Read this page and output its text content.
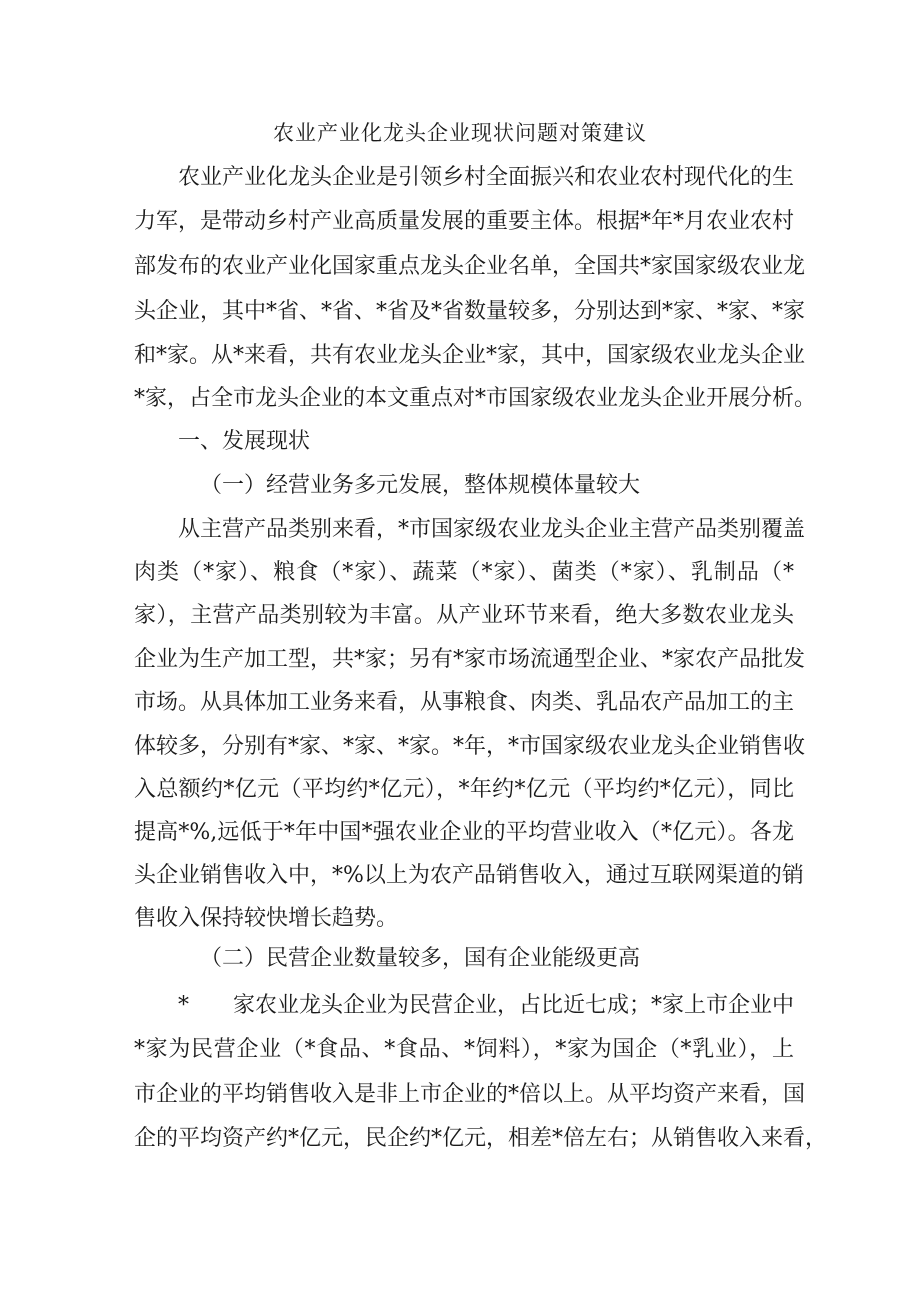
农业产业化龙头企业现状问题对策建议
农业产业化龙头企业是引领乡村全面振兴和农业农村现代化的生
力军，是带动乡村产业高质量发展的重要主体。根据*年*月农业农村
部发布的农业产业化国家重点龙头企业名单，全国共*家国家级农业龙
头企业，其中*省、*省、*省及*省数量较多，分别达到*家、*家、*家
和*家。从*来看，共有农业龙头企业*家，其中，国家级农业龙头企业
*家，占全市龙头企业的本文重点对*市国家级农业龙头企业开展分析。
一、发展现状
（一）经营业务多元发展，整体规模体量较大
从主营产品类别来看，*市国家级农业龙头企业主营产品类别覆盖
肉类（*家）、粮食（*家）、蔬菜（*家）、菌类（*家）、乳制品（*
家），主营产品类别较为丰富。从产业环节来看，绝大多数农业龙头
企业为生产加工型，共*家；另有*家市场流通型企业、*家农产品批发
市场。从具体加工业务来看，从事粮食、肉类、乳品农产品加工的主
体较多，分别有*家、*家、*家。*年，*市国家级农业龙头企业销售收
入总额约*亿元（平均约*亿元），*年约*亿元（平均约*亿元），同比
提高*%,远低于*年中国*强农业企业的平均营业收入（*亿元）。各龙
头企业销售收入中，*%以上为农产品销售收入，通过互联网渠道的销
售收入保持较快增长趋势。
（二）民营企业数量较多，国有企业能级更高
* 家农业龙头企业为民营企业，占比近七成；*家上市企业中
*家为民营企业（*食品、*食品、*饲料），*家为国企（*乳业），上
市企业的平均销售收入是非上市企业的*倍以上。从平均资产来看，国
企的平均资产约*亿元，民企约*亿元，相差*倍左右；从销售收入来看，
